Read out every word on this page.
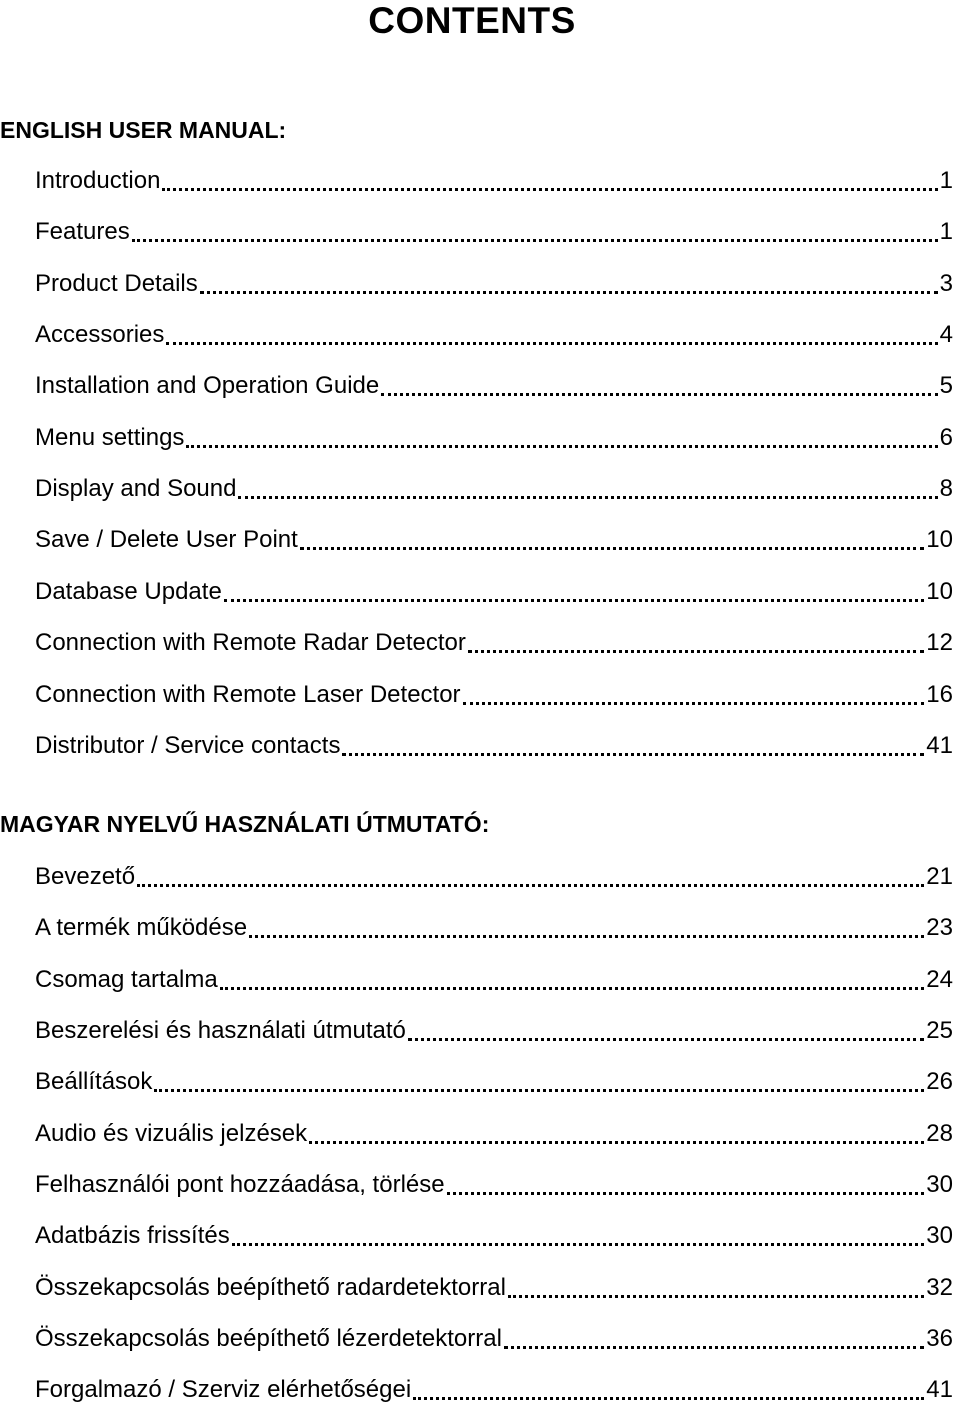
CONTENTS
ENGLISH USER MANUAL:
Introduction	1
Features	1
Product Details	3
Accessories	4
Installation and Operation Guide	5
Menu settings	6
Display and Sound	8
Save / Delete User Point	10
Database Update	10
Connection with Remote Radar Detector	12
Connection with Remote Laser Detector	16
Distributor / Service contacts	41
MAGYAR NYELVŰ HASZNÁLATI ÚTMUTATÓ:
Bevezető	21
A termék működése	23
Csomag tartalma	24
Beszerelési és használati útmutató	25
Beállítások	26
Audio és vizuális jelzések	28
Felhasználói pont hozzáadása, törlése	30
Adatbázis frissítés	30
Összekapcsolás beépíthető radardetektorral	32
Összekapcsolás beépíthető lézerdetektorral	36
Forgalmazó / Szerviz elérhetőségei	41
